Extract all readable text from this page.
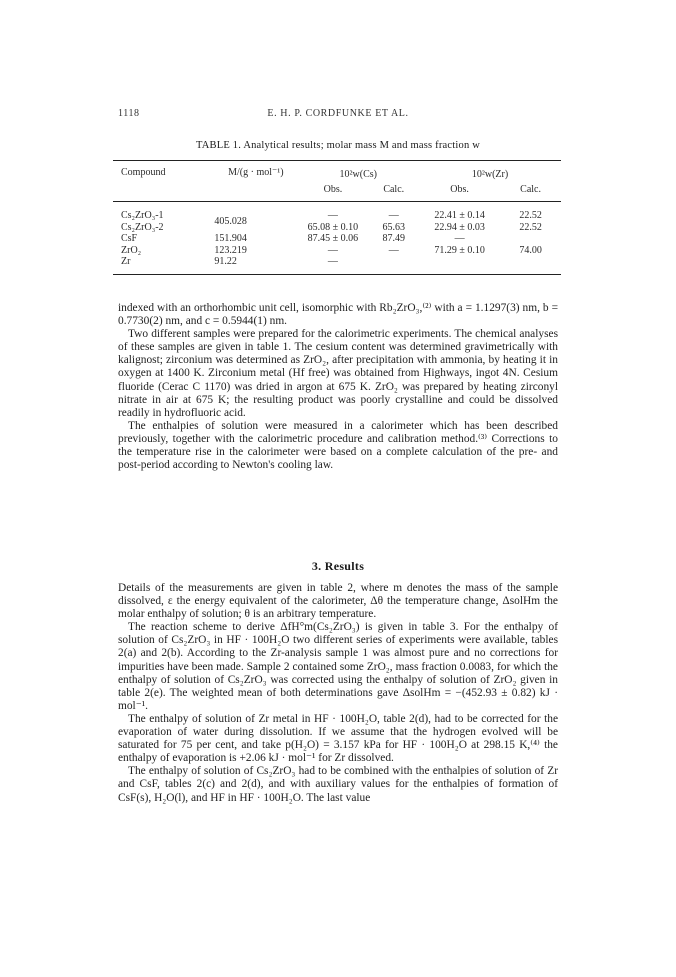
1118	E. H. P. CORDFUNKE ET AL.
TABLE 1. Analytical results; molar mass M and mass fraction w
Compound	M/(g · mol⁻¹)	10²w(Cs)		10²w(Zr)	
		Obs.	Calc.	Obs.	Calc.
Cs₂ZrO₃-1	405.028	—	—	22.41 ± 0.14	22.52
Cs₂ZrO₃-2		65.08 ± 0.10	65.63	22.94 ± 0.03	22.52
CsF	151.904	87.45 ± 0.06	87.49	—	
ZrO₂	123.219	—	—	71.29 ± 0.10	74.00
Zr	91.22	—			

indexed with an orthorhombic unit cell, isomorphic with Rb₂ZrO₃,⁽²⁾ with a = 1.1297(3) nm, b = 0.7730(2) nm, and c = 0.5944(1) nm.

Two different samples were prepared for the calorimetric experiments. The chemical analyses of these samples are given in table 1. The cesium content was determined gravimetrically with kalignost; zirconium was determined as ZrO₂, after precipitation with ammonia, by heating it in oxygen at 1400 K. Zirconium metal (Hf free) was obtained from Highways, ingot 4N. Cesium fluoride (Cerac C 1170) was dried in argon at 675 K. ZrO₂ was prepared by heating zirconyl nitrate in air at 675 K; the resulting product was poorly crystalline and could be dissolved readily in hydrofluoric acid.

The enthalpies of solution were measured in a calorimeter which has been described previously, together with the calorimetric procedure and calibration method.⁽³⁾ Corrections to the temperature rise in the calorimeter were based on a complete calculation of the pre- and post-period according to Newton's cooling law.

3. Results

Details of the measurements are given in table 2, where m denotes the mass of the sample dissolved, ε the energy equivalent of the calorimeter, Δθ the temperature change, ΔsolHm the molar enthalpy of solution; θ is an arbitrary temperature.

The reaction scheme to derive ΔfH°m(Cs₂ZrO₃) is given in table 3. For the enthalpy of solution of Cs₂ZrO₃ in HF · 100H₂O two different series of experiments were available, tables 2(a) and 2(b). According to the Zr-analysis sample 1 was almost pure and no corrections for impurities have been made. Sample 2 contained some ZrO₂, mass fraction 0.0083, for which the enthalpy of solution of Cs₂ZrO₃ was corrected using the enthalpy of solution of ZrO₂ given in table 2(e). The weighted mean of both determinations gave ΔsolHm = −(452.93 ± 0.82) kJ · mol⁻¹.

The enthalpy of solution of Zr metal in HF · 100H₂O, table 2(d), had to be corrected for the evaporation of water during dissolution. If we assume that the hydrogen evolved will be saturated for 75 per cent, and take p(H₂O) = 3.157 kPa for HF · 100H₂O at 298.15 K,⁽⁴⁾ the enthalpy of evaporation is +2.06 kJ · mol⁻¹ for Zr dissolved.

The enthalpy of solution of Cs₂ZrO₃ had to be combined with the enthalpies of solution of Zr and CsF, tables 2(c) and 2(d), and with auxiliary values for the enthalpies of formation of CsF(s), H₂O(l), and HF in HF · 100H₂O. The last value
